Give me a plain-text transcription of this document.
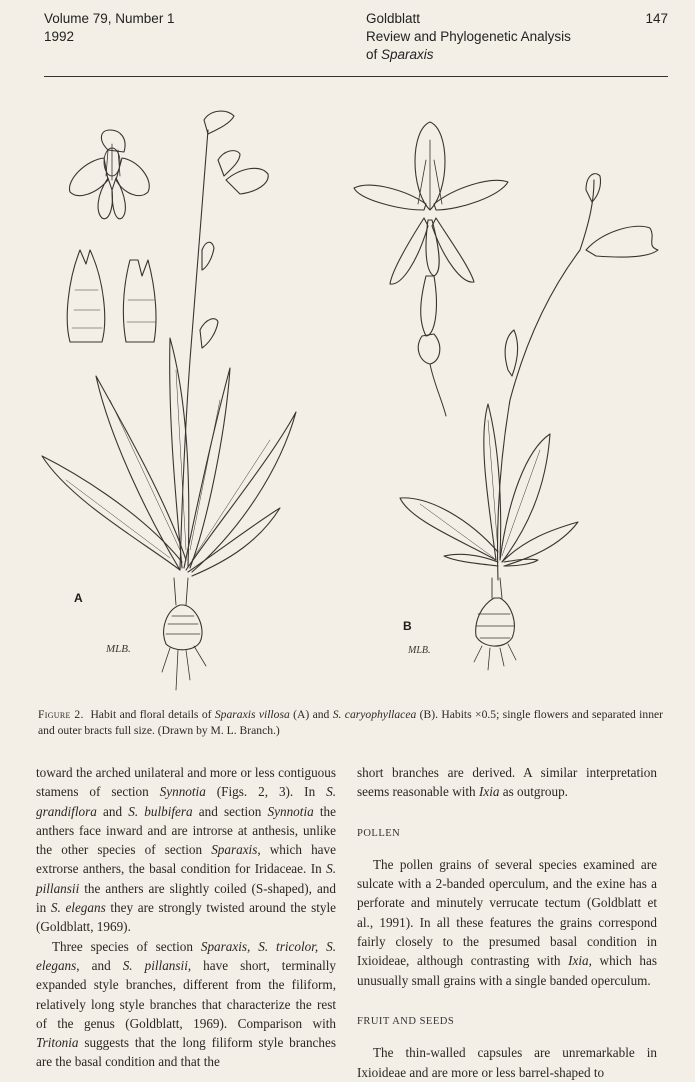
Volume 79, Number 1
1992
Goldblatt
Review and Phylogenetic Analysis
of Sparaxis
147
A
MLB.
B
MLB.
Figure 2. Habit and floral details of Sparaxis villosa (A) and S. caryophyllacea (B). Habits ×0.5; single flowers and separated inner and outer bracts full size. (Drawn by M. L. Branch.)

toward the arched unilateral and more or less contiguous stamens of section Synnotia (Figs. 2, 3). In S. grandiflora and S. bulbifera and section Synnotia the anthers face inward and are introrse at anthesis, unlike the other species of section Sparaxis, which have extrorse anthers, the basal condition for Iridaceae. In S. pillansii the anthers are slightly coiled (S-shaped), and in S. elegans they are strongly twisted around the style (Goldblatt, 1969).

Three species of section Sparaxis, S. tricolor, S. elegans, and S. pillansii, have short, terminally expanded style branches, different from the filiform, relatively long style branches that characterize the rest of the genus (Goldblatt, 1969). Comparison with Tritonia suggests that the long filiform style branches are the basal condition and that the

short branches are derived. A similar interpretation seems reasonable with Ixia as outgroup.

POLLEN

The pollen grains of several species examined are sulcate with a 2-banded operculum, and the exine has a perforate and minutely verrucate tectum (Goldblatt et al., 1991). In all these features the grains correspond fairly closely to the presumed basal condition in Ixioideae, although contrasting with Ixia, which has unusually small grains with a single banded operculum.

FRUIT AND SEEDS

The thin-walled capsules are unremarkable in Ixioideae and are more or less barrel-shaped to
